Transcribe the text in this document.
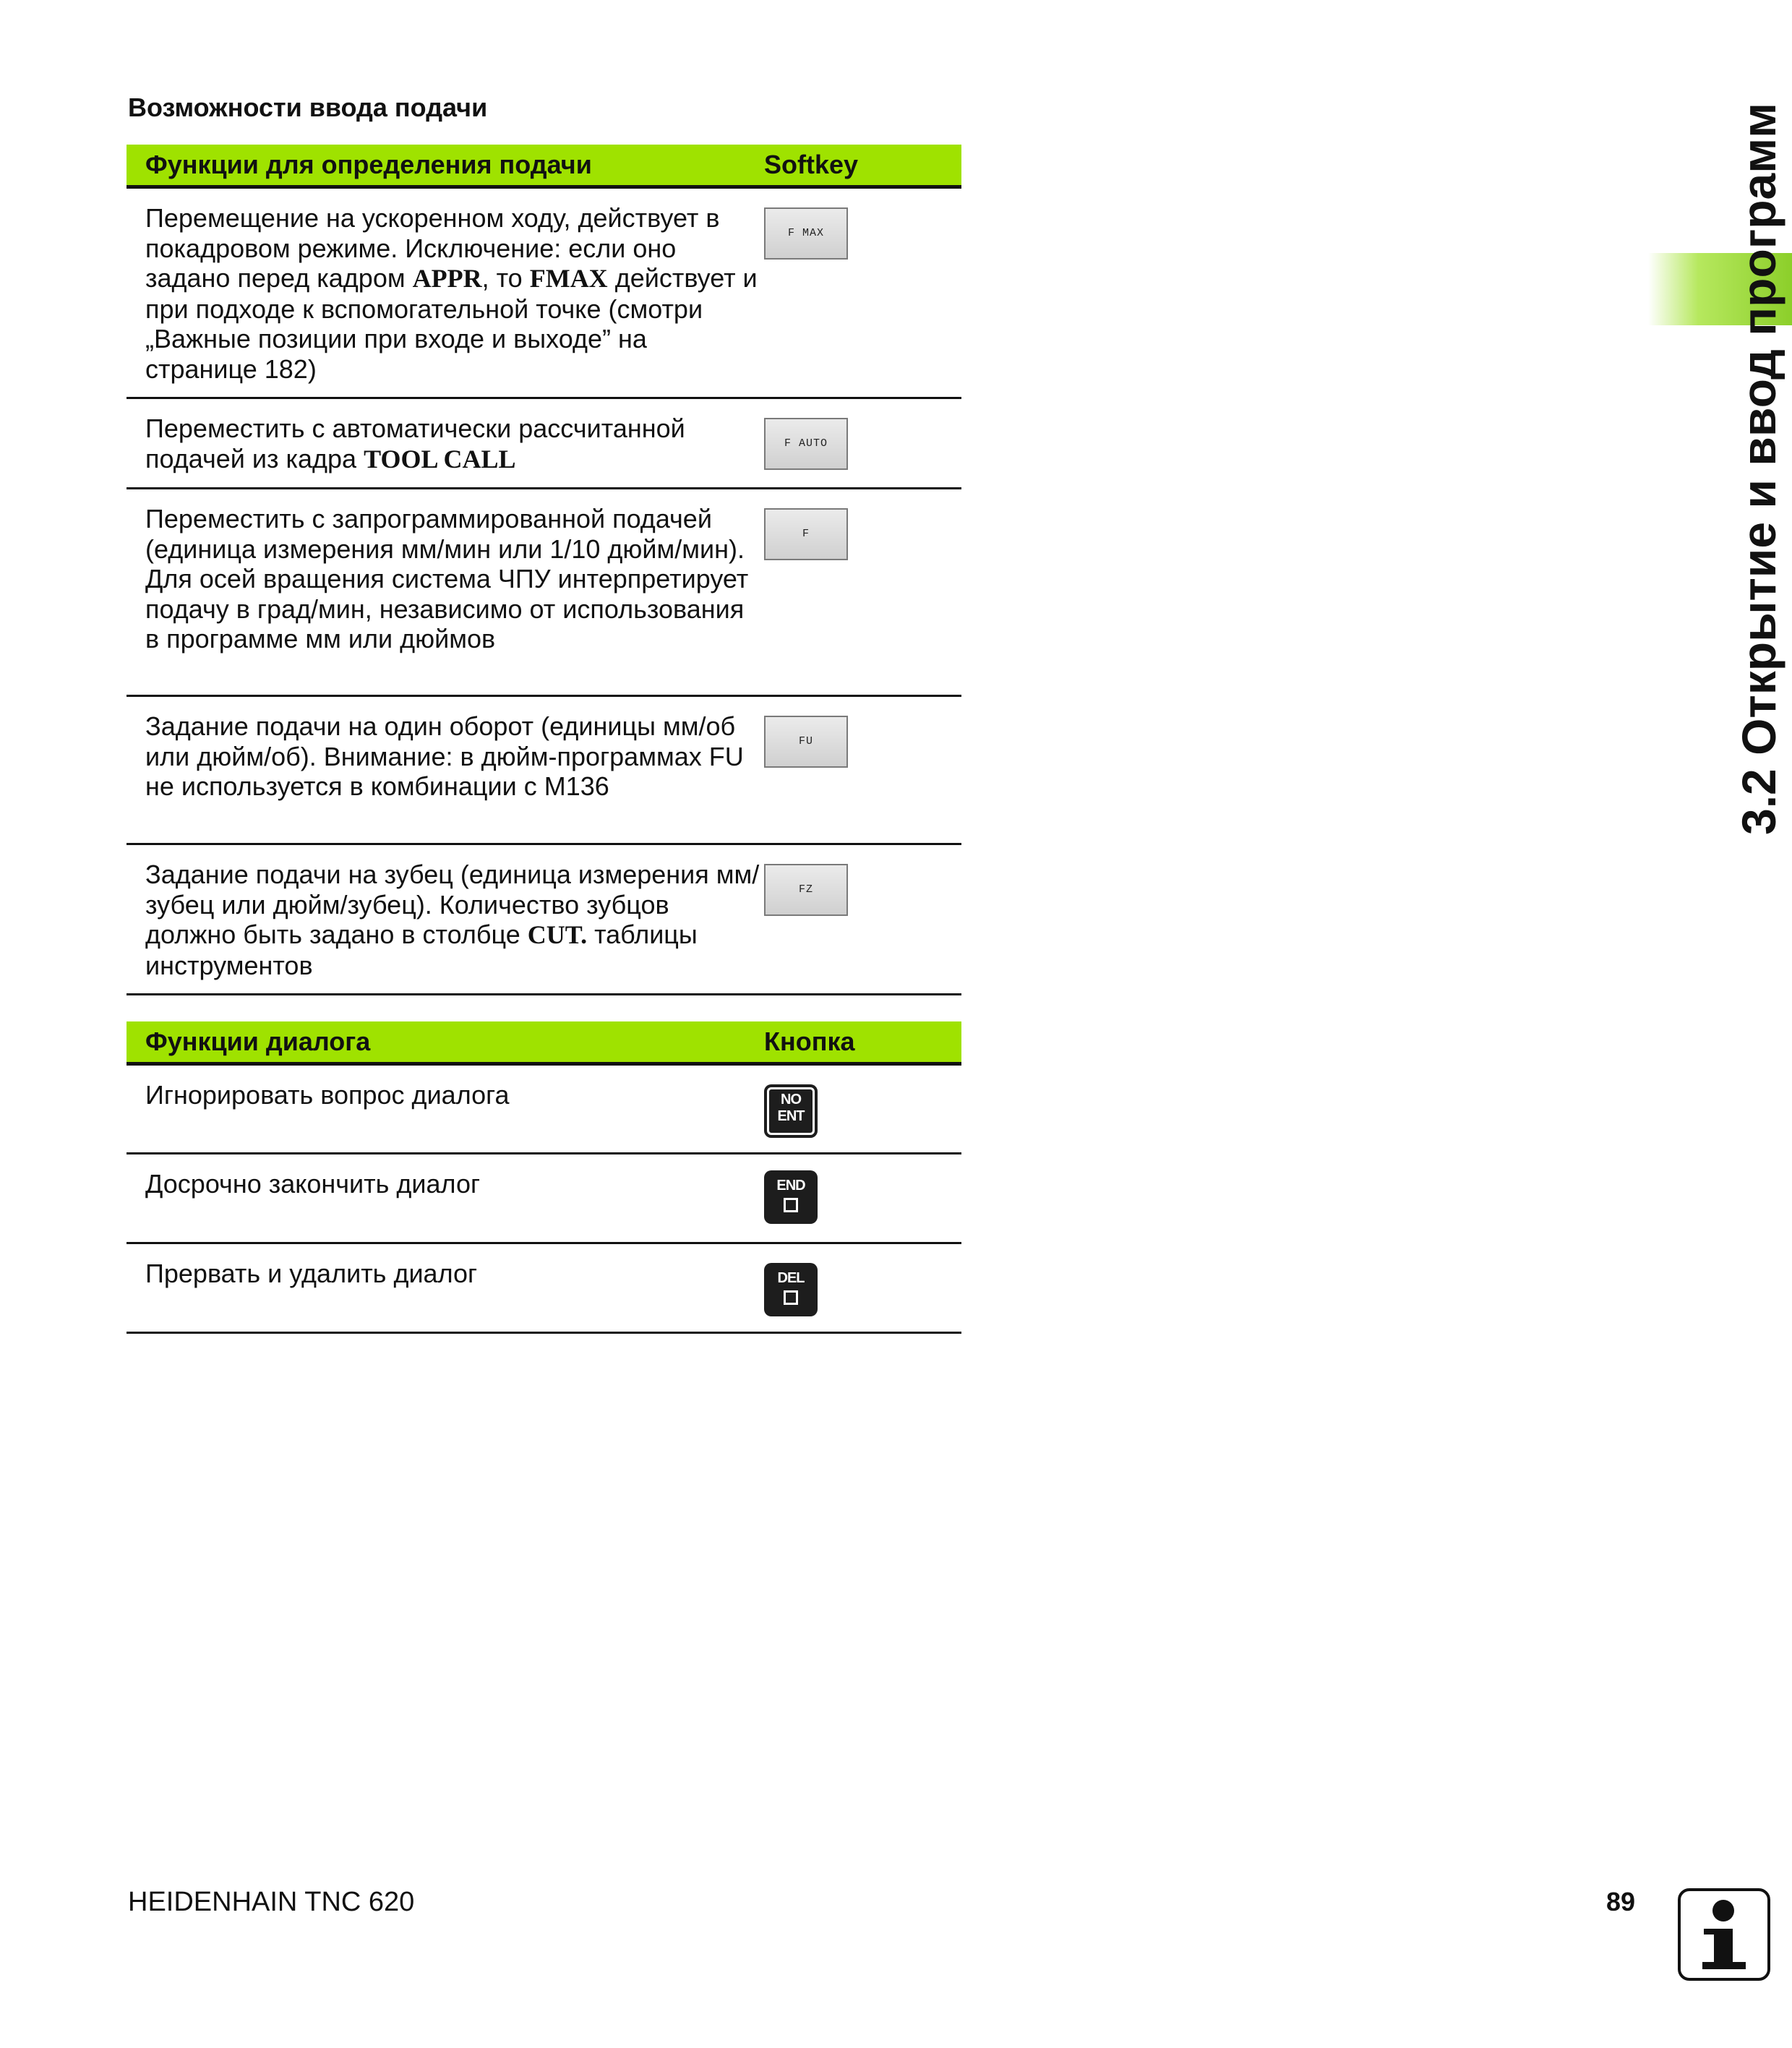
Возможности ввода подачи
Функции для определения подачи	Softkey
Перемещение на ускоренном ходу, действует в покадровом режиме. Исключение: если оно задано перед кадром APPR, то FMAX действует и при подходе к вспомогательной точке (смотри „Важные позиции при входе и выходе” на странице 182)	F MAX

Переместить с автоматически рассчитанной подачей из кадра TOOL CALL	F AUTO

Переместить с запрограммированной подачей (единица измерения мм/мин или 1/10 дюйм/мин). Для осей вращения система ЧПУ интерпретирует подачу в град/мин, независимо от использования в программе мм или дюймов	F

Задание подачи на один оборот (единицы мм/об или дюйм/об). Внимание: в дюйм-программах FU не используется в комбинации с M136	FU

Задание подачи на зубец (единица измерения мм/зубец или дюйм/зубец). Количество зубцов должно быть задано в столбце CUT. таблицы инструментов	FZ
Функции диалога	Кнопка
Игнорировать вопрос диалога	NO
ENT

Досрочно закончить диалог	END

Прервать и удалить диалог	DEL
3.2 Открытие и ввод программ
HEIDENHAIN TNC 620	89
